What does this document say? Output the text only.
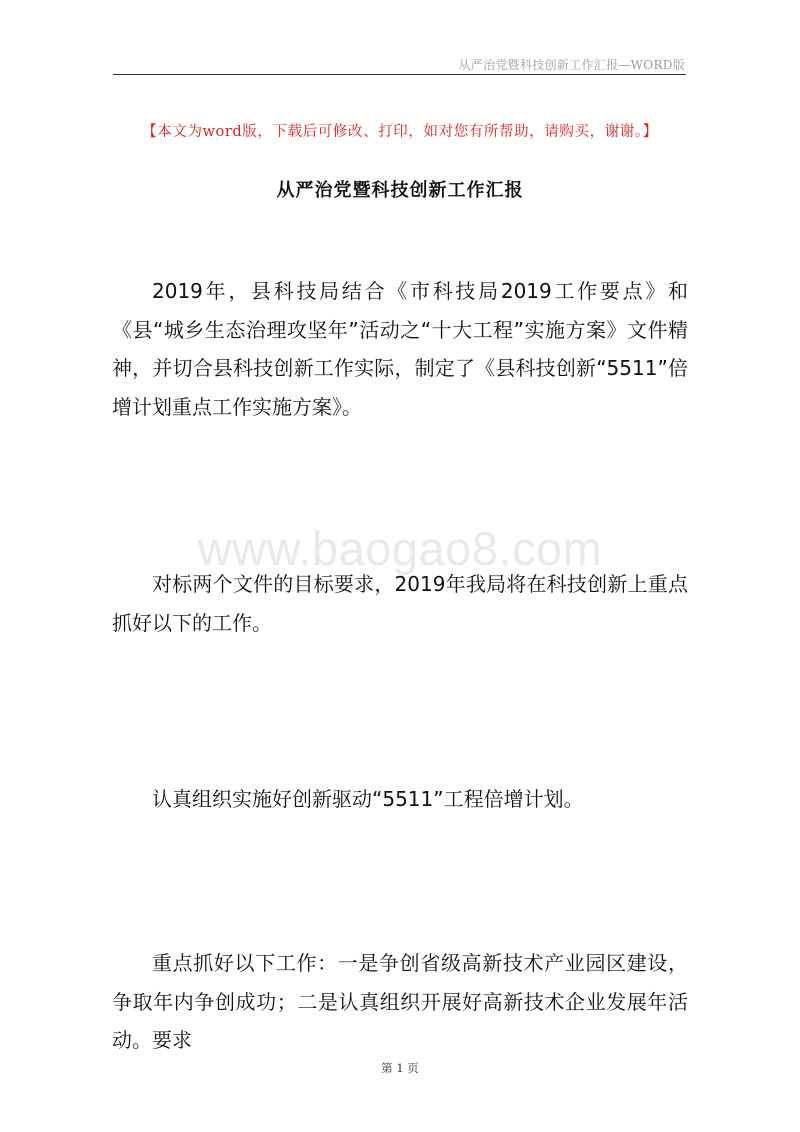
从严治党暨科技创新工作汇报—WORD版
【本文为word版，下载后可修改、打印，如对您有所帮助，请购买，谢谢。】
从严治党暨科技创新工作汇报

2019年，县科技局结合《市科技局2019工作要点》和《县“城乡生态治理攻坚年”活动之“十大工程”实施方案》文件精神，并切合县科技创新工作实际，制定了《县科技创新“5511”倍增计划重点工作实施方案》。

www.baogao8.com

对标两个文件的目标要求，2019年我局将在科技创新上重点抓好以下的工作。

认真组织实施好创新驱动“5511”工程倍增计划。

重点抓好以下工作：一是争创省级高新技术产业园区建设，争取年内争创成功；二是认真组织开展好高新技术企业发展年活动。要求

第 1 页
